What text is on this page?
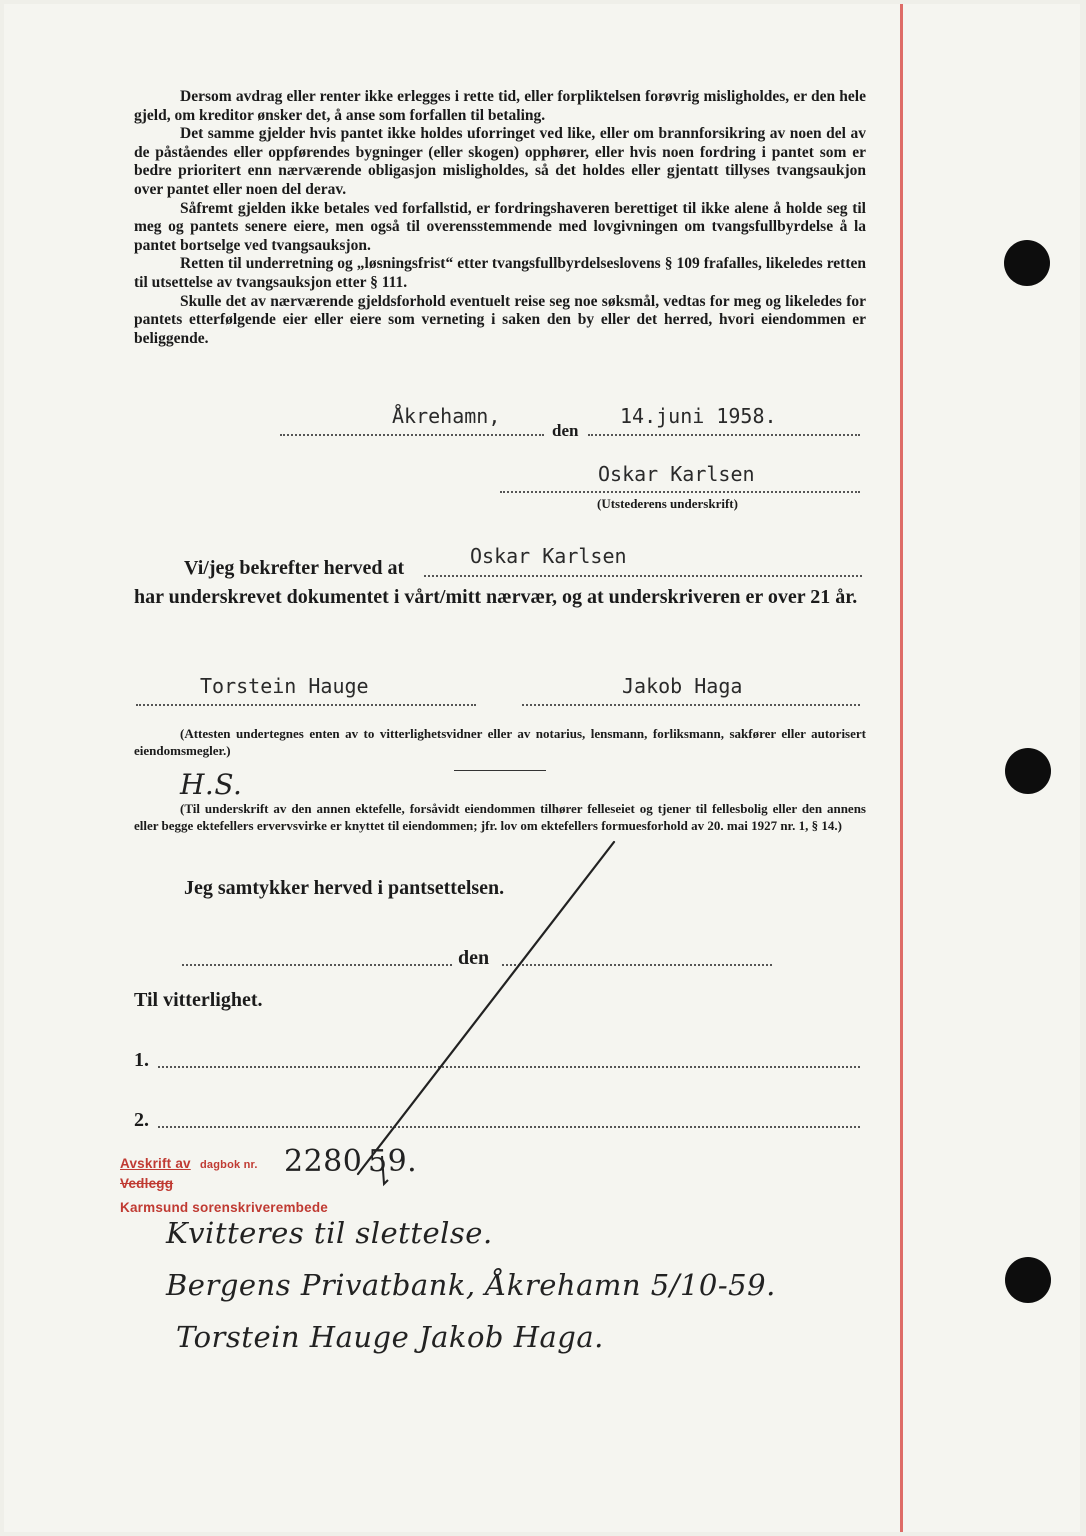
Dersom avdrag eller renter ikke erlegges i rette tid, eller forpliktelsen forøvrig misligholdes, er den hele gjeld, om kreditor ønsker det, å anse som forfallen til betaling.

Det samme gjelder hvis pantet ikke holdes uforringet ved like, eller om brannforsikring av noen del av de påståendes eller oppførendes bygninger (eller skogen) opphører, eller hvis noen fordring i pantet som er bedre prioritert enn nærværende obligasjon misligholdes, så det holdes eller gjentatt tillyses tvangsaukjon over pantet eller noen del derav.

Såfremt gjelden ikke betales ved forfallstid, er fordringshaveren berettiget til ikke alene å holde seg til meg og pantets senere eiere, men også til overensstemmende med lovgivningen om tvangsfullbyrdelse å la pantet bortselge ved tvangsauksjon.

Retten til underretning og „løsningsfrist“ etter tvangsfullbyrdelseslovens § 109 frafalles, likeledes retten til utsettelse av tvangsauksjon etter § 111.

Skulle det av nærværende gjeldsforhold eventuelt reise seg noe søksmål, vedtas for meg og likeledes for pantets etterfølgende eier eller eiere som verneting i saken den by eller det herred, hvori eiendommen er beliggende.

Åkrehamn,
den
14.juni 1958.
Oskar Karlsen
(Utstederens underskrift)
Vi/jeg bekrefter herved at	Oskar Karlsen
har underskrevet dokumentet i vårt/mitt nærvær, og at underskriveren er over 21 år.
Torstein Hauge	Jakob Haga
(Attesten undertegnes enten av to vitterlighetsvidner eller av notarius, lensmann, forliksmann, sakfører eller autorisert eiendomsmegler.)
H.S.
(Til underskrift av den annen ektefelle, forsåvidt eiendommen tilhører felleseiet og tjener til fellesbolig eller den annens eller begge ektefellers ervervsvirke er knyttet til eiendommen; jfr. lov om ektefellers formuesforhold av 20. mai 1927 nr. 1, § 14.)
Jeg samtykker herved i pantsettelsen.
den
Til vitterlighet.
1.
2.
Avskrift av dagbok nr.
Vedlegg
Karmsund sorenskriverembede
2280 59.
Kvitteres til slettelse.
Bergens Privatbank, Åkrehamn 5/10-59.
Torstein Hauge Jakob Haga.
